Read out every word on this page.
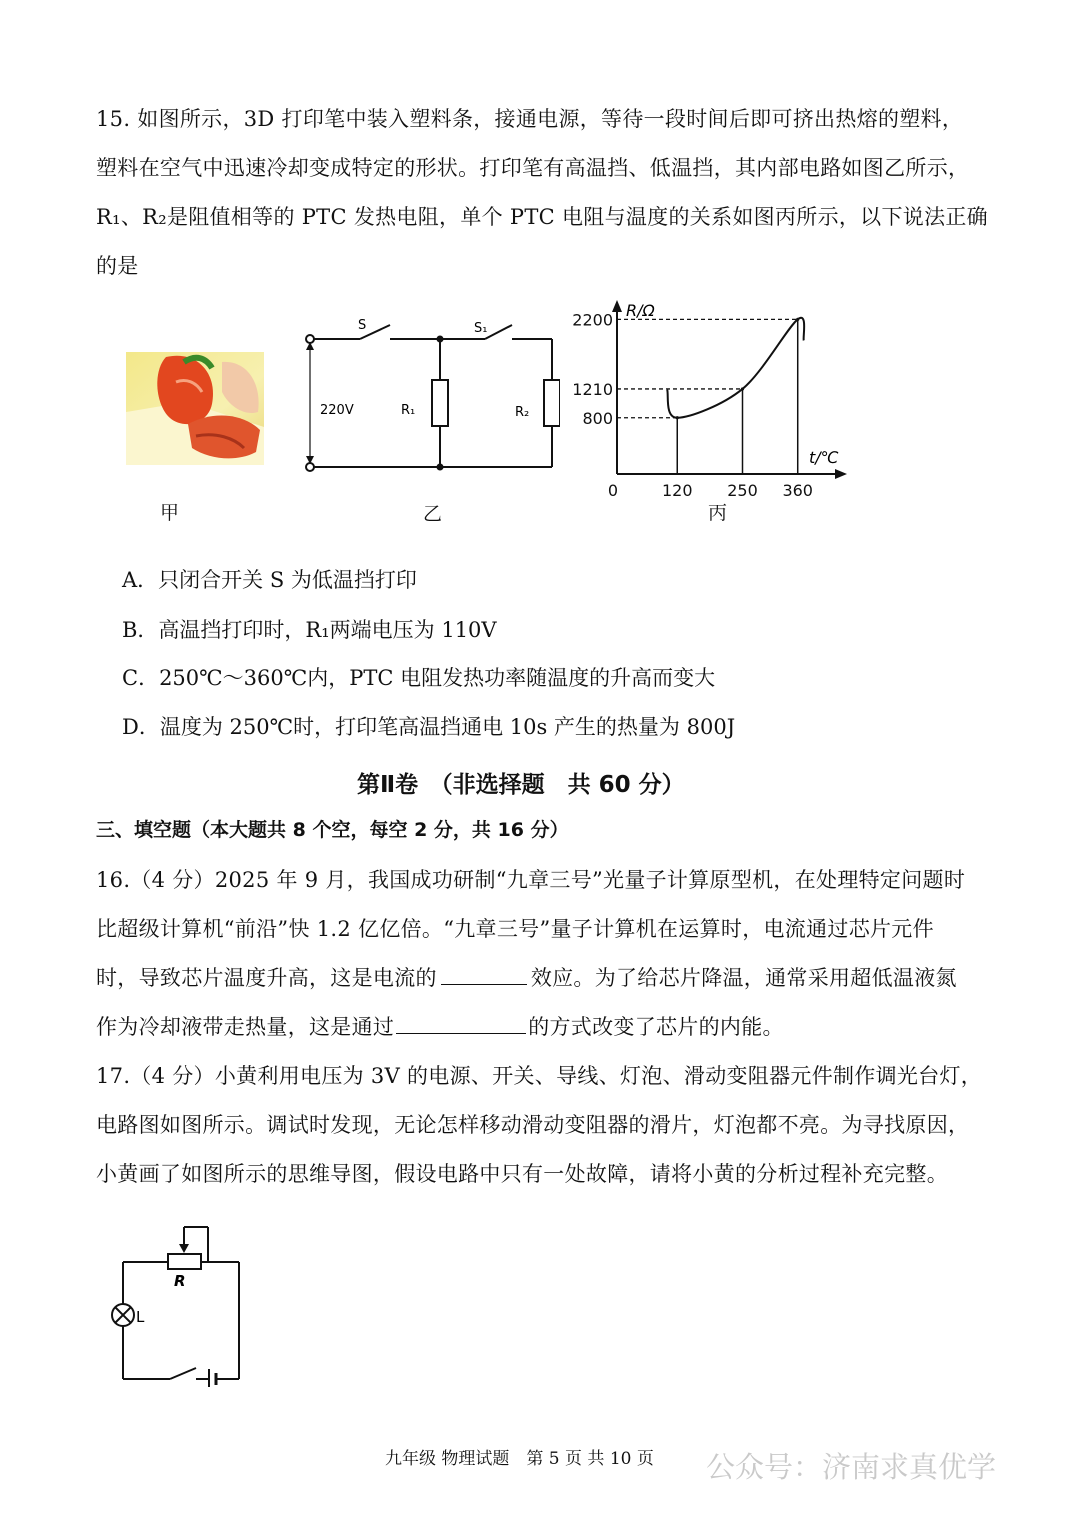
15. 如图所示，3D 打印笔中装入塑料条，接通电源，等待一段时间后即可挤出热熔的塑料，
塑料在空气中迅速冷却变成特定的形状。打印笔有高温挡、低温挡，其内部电路如图乙所示，
R₁、R₂是阻值相等的 PTC 发热电阻，单个 PTC 电阻与温度的关系如图丙所示，以下说法正确
的是
S	S₁
220V	R₁	R₂
R/Ω
t/℃
800
1210
2200
0	120 250 360
甲	乙	丙
A．只闭合开关 S 为低温挡打印
B．高温挡打印时，R₁两端电压为 110V
C．250℃～360℃内，PTC 电阻发热功率随温度的升高而变大
D．温度为 250℃时，打印笔高温挡通电 10s 产生的热量为 800J
第Ⅱ卷　（非选择题　共 60 分）
三、填空题（本大题共 8 个空，每空 2 分，共 16 分）
16.（4 分）2025 年 9 月，我国成功研制“九章三号”光量子计算原型机，在处理特定问题时
比超级计算机“前沿”快 1.2 亿亿倍。“九章三号”量子计算机在运算时，电流通过芯片元件
时，导致芯片温度升高，这是电流的	效应。为了给芯片降温，通常采用超低温液氮
作为冷却液带走热量，这是通过	的方式改变了芯片的内能。
17.（4 分）小黄利用电压为 3V 的电源、开关、导线、灯泡、滑动变阻器元件制作调光台灯，
电路图如图所示。调试时发现，无论怎样移动滑动变阻器的滑片，灯泡都不亮。为寻找原因，
小黄画了如图所示的思维导图，假设电路中只有一处故障，请将小黄的分析过程补充完整。
R
L
九年级 物理试题　第 5 页 共 10 页 公众号：济南求真优学
